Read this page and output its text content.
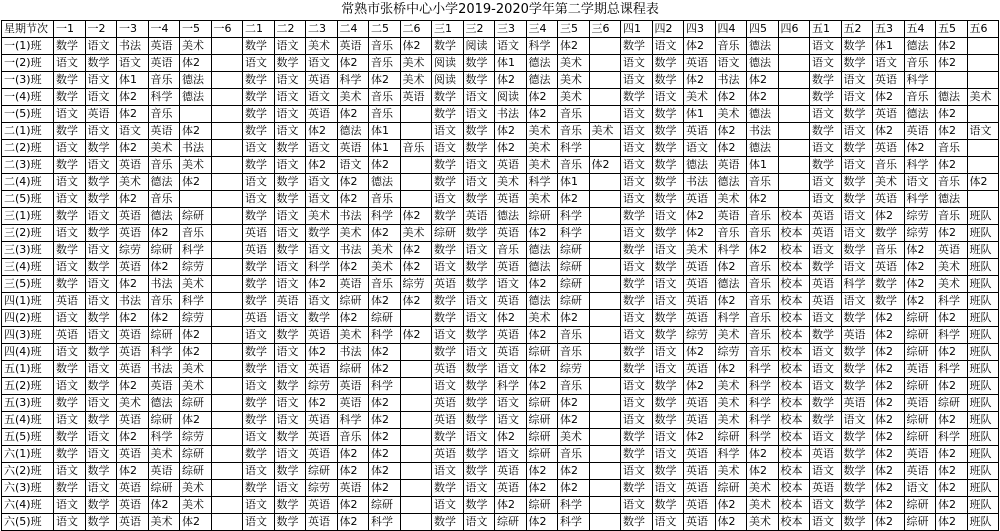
常熟市张桥中心小学2019-2020学年第二学期总课程表
星期节次	一1	一2	一3	一4	一5	一6	二1	二2	二3	二4	二5	二6	三1	三2	三3	三4	三5	三6	四1	四2	四3	四4	四5	四6	五1	五2	五3	五4	五5	五6
一(1)班	数学	语文	书法	英语	美术		数学	语文	美术	英语	音乐	体2	数学	阅读	语文	科学	体2		数学	语文	体2	音乐	德法		语文	数学	体1	德法	体2	
一(2)班	语文	数学	语文	英语	体2		语文	数学	语文	体2	音乐	美术	阅读	数学	体1	德法	美术		语文	数学	英语	语文	德法		语文	数学	语文	音乐	体2	
一(3)班	数学	语文	体1	音乐	德法		数学	语文	英语	科学	体2	美术	阅读	数学	体2	德法	美术		语文	数学	体2	书法	体2		数学	语文	英语	科学		
一(4)班	数学	语文	体2	科学	德法		数学	语文	语文	美术	音乐	英语	数学	语文	阅读	体2	美术		数学	语文	美术	体2	体2		数学	语文	体2	音乐	德法	美术
一(5)班	语文	英语	体2	音乐			数学	语文	英语	体2	音乐		数学	语文	书法	体2	音乐		语文	数学	体1	美术	德法		语文	数学	英语	德法	体2	
二(1)班	数学	语文	语文	英语	体2		数学	语文	体2	德法	体1		语文	数学	体2	美术	音乐	美术	语文	数学	英语	体2	书法		数学	语文	体2	英语	体2	语文
二(2)班	语文	数学	体2	美术	书法		语文	数学	语文	英语	体1	音乐	语文	数学	体2	美术	科学		语文	数学	语文	体2	德法		语文	数学	英语	体2	音乐	
二(3)班	数学	语文	英语	音乐	美术		数学	语文	体2	语文	体2		数学	语文	英语	美术	音乐	体2	语文	数学	德法	英语	体1		数学	语文	音乐	科学	体2	
二(4)班	语文	数学	美术	德法	体2		语文	数学	语文	体2	德法		数学	语文	美术	科学	体1		语文	数学	书法	德法	音乐		语文	数学	美术	语文	音乐	体2
二(5)班	语文	数学	体2	音乐			语文	数学	语文	体2	音乐		语文	数学	英语	美术	体2		语文	数学	英语	美术	体2		语文	数学	英语	科学	德法	
三(1)班	数学	语文	英语	德法	综研		数学	语文	美术	书法	科学	体2	数学	英语	德法	综研	科学		数学	语文	体2	英语	音乐	校本	英语	语文	体2	综劳	音乐	班队
三(2)班	语文	数学	英语	体2	音乐		英语	语文	数学	美术	体2	美术	综研	数学	英语	体2	科学		语文	数学	体2	音乐	音乐	校本	英语	语文	数学	综劳	体2	班队
三(3)班	数学	语文	综劳	综研	科学		英语	数学	语文	书法	美术	体2	数学	语文	音乐	德法	综研		数学	语文	美术	科学	体2	校本	语文	数学	音乐	体2	英语	班队
三(4)班	语文	数学	英语	体2	综劳		数学	语文	科学	体2	美术	体2	语文	数学	英语	德法	综研		语文	数学	英语	体2	音乐	校本	数学	语文	英语	体2	美术	班队
三(5)班	数学	语文	体2	书法	美术		数学	语文	体2	英语	音乐	综劳	英语	数学	语文	体2	综研		数学	语文	英语	德法	音乐	校本	英语	科学	数学	体2	美术	班队
四(1)班	英语	语文	书法	音乐	科学		数学	英语	语文	综研	体2	体2	数学	语文	英语	德法	综研		数学	语文	英语	体2	音乐	校本	英语	语文	数学	体2	科学	班队
四(2)班	语文	数学	体2	体2	综劳		英语	语文	数学	体2	综研		数学	语文	体2	美术	体2		语文	数学	英语	科学	音乐	校本	语文	数学	体2	综研	体2	班队
四(3)班	英语	语文	英语	综研	体2		语文	数学	英语	美术	科学	体2	语文	数学	英语	体2	音乐		语文	数学	综劳	美术	音乐	校本	数学	英语	体2	综研	科学	班队
四(4)班	语文	数学	英语	科学	体2		数学	语文	体2	书法	体2		数学	语文	英语	综研	音乐		数学	语文	体2	综劳	音乐	校本	语文	数学	体2	综研	体2	班队
五(1)班	数学	语文	英语	书法	美术		数学	语文	英语	综研	体2		英语	数学	语文	体2	综劳		数学	语文	英语	体2	科学	校本	语文	数学	体2	英语	科学	班队
五(2)班	语文	数学	体2	英语	美术		语文	数学	综劳	英语	科学		语文	数学	科学	体2	音乐		语文	数学	体2	美术	科学	校本	语文	数学	体2	综研	体2	班队
五(3)班	数学	语文	美术	德法	综研		数学	语文	体2	英语	体2		英语	数学	语文	综研	体2		语文	数学	英语	美术	科学	校本	数学	英语	体2	英语	综研	班队
五(4)班	语文	数学	英语	综研	体2		数学	语文	英语	科学	体2		英语	数学	语文	综研	体2		语文	数学	英语	美术	科学	校本	数学	语文	体2	综研	体2	班队
五(5)班	数学	语文	体2	科学	综劳		语文	数学	英语	音乐	体2		数学	语文	体2	综研	美术		数学	语文	体2	综研	科学	校本	语文	数学	体2	综研	科学	班队
六(1)班	数学	语文	英语	美术	综研		数学	语文	英语	体2	体2		英语	数学	语文	综研	音乐		数学	语文	英语	科学	体2	校本	英语	数学	体2	英语	体2	班队
六(2)班	语文	数学	体2	英语	综研		语文	数学	综研	体2	体2		语文	数学	英语	体2	体2		语文	数学	英语	美术	体2	校本	语文	数学	体2	英语	体2	班队
六(3)班	数学	语文	英语	综研	美术		数学	语文	综劳	英语	体2		数学	语文	英语	体2	体2		数学	语文	英语	综研	美术	校本	英语	数学	体2	语文	体2	班队
六(4)班	语文	数学	英语	体2	美术		语文	数学	英语	体2	综研		语文	数学	体2	综研	科学		语文	数学	英语	体2	美术	校本	语文	数学	体2	综研	体2	班队
六(5)班	语文	数学	英语	美术	体2		语文	数学	英语	体2	科学		数学	语文	综研	体2	科学		数学	语文	英语	体2	美术	校本	语文	数学	体2	综研	体2	班队
